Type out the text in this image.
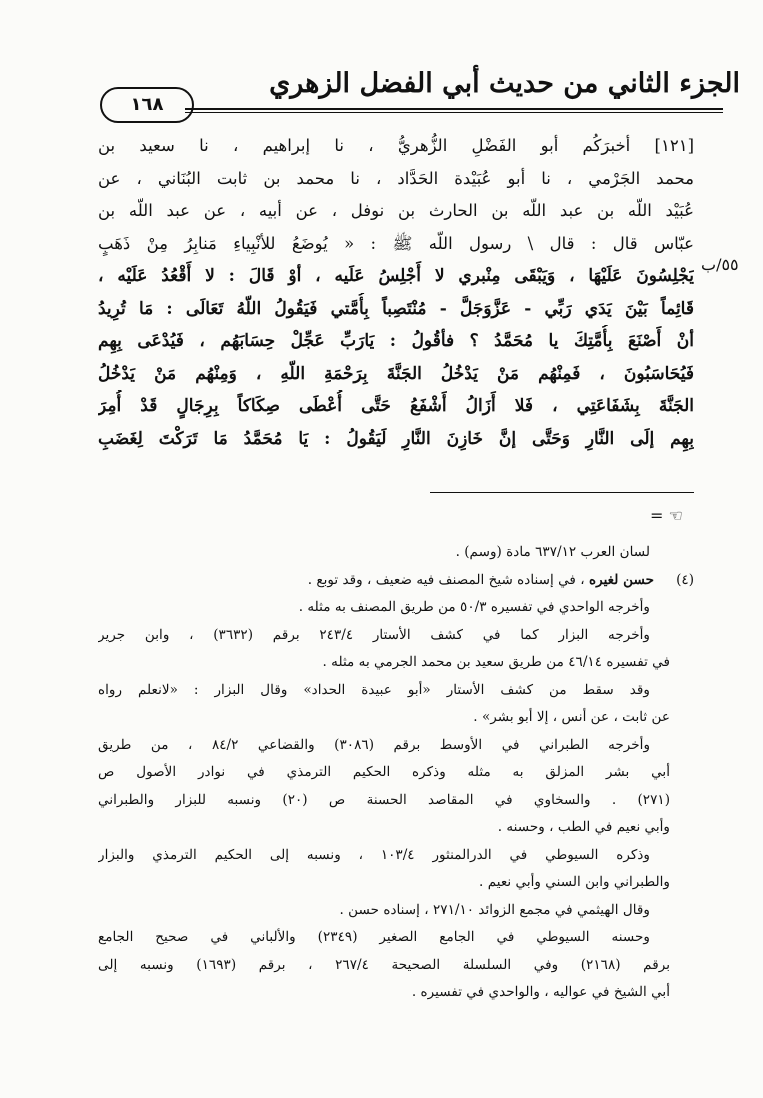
الجزء الثاني من حديث أبي الفضل الزهري
١٦٨
[١٢١] أخبرَكُم أبو الفَضْلِ الزُّهريُّ ، نا إبراهيم ، نا سعيد بن
محمد الجَرْمي ، نا أبو عُبَيْدة الحَدَّاد ، نا محمد بن ثابت البُنَاني ، عن
عُبَيْد اللّه بن عبد اللّه بن الحارث بن نوفل ، عن أبيه ، عن عبد اللّه بن
عبّاس قال : قال \ رسول اللّه ﷺ : « يُوضَعُ للأنْبِياءِ مَنابِرُ مِنْ ذَهَبٍ
يَجْلِسُونَ عَلَيْهَا ، وَيَبْقَى مِنْبري لا أَجْلِسُ عَلَيه ، أوْ قَالَ : لا أَقْعُدُ عَلَيْه ،
قَائِماً بَيْنَ يَدَي رَبِّي - عَزَّوَجَلَّ - مُنْتَصِباً بِأُمَّتي فَيَقُولُ اللّهُ تَعَالَى : مَا تُرِيدُ
أنْ أَصْنَعَ بِأُمَّتِكَ يا مُحَمَّدُ ؟ فأقُولُ : يَارَبِّ عَجِّلْ حِسَابَهُم ، فَيُدْعَى بِهِم
فَيُحَاسَبُونَ ، فَمِنْهُم مَنْ يَدْخُلُ الجَنَّةَ بِرَحْمَةِ اللّهِ ، وَمِنْهُم مَنْ يَدْخُلُ
الجَنَّةَ بِشَفَاعَتِي ، فَلا أَزَالُ أَشْفَعُ حَتَّى أُعْطَى صِكَاكاً بِرِجَالٍ قَدْ أُمِرَ
بِهِم إلَى النَّارِ وَحَتَّى إنَّ خَازِنَ النَّارِ لَيَقُولُ : يَا مُحَمَّدُ مَا تَرَكْتَ لِغَضَبِ
٥٥/ب
= ☜
لسان العرب ٦٣٧/١٢ مادة (وسم) .
(٤)حسن لغيره ، في إسناده شيخ المصنف فيه ضعيف ، وقد توبع .
وأخرجه الواحدي في تفسيره ٥٠/٣ من طريق المصنف به مثله .
وأخرجه البزار كما في كشف الأستار ٢٤٣/٤ برقم (٣٦٣٢) ، وابن جرير
في تفسيره ٤٦/١٤ من طريق سعيد بن محمد الجرمي به مثله .
وقد سقط من كشف الأستار «أبو عبيدة الحداد» وقال البزار : «لانعلم رواه
عن ثابت ، عن أنس ، إلا أبو بشر» .
وأخرجه الطبراني في الأوسط برقم (٣٠٨٦) والقضاعي ٨٤/٢ ، من طريق
أبي بشر المزلق به مثله وذكره الحكيم الترمذي في نوادر الأصول ص
(٢٧١) . والسخاوي في المقاصد الحسنة ص (٢٠) ونسبه للبزار والطبراني
وأبي نعيم في الطب ، وحسنه .
وذكره السيوطي في الدرالمنثور ١٠٣/٤ ، ونسبه إلى الحكيم الترمذي والبزار
والطبراني وابن السني وأبي نعيم .
وقال الهيثمي في مجمع الزوائد ٢٧١/١٠ ، إسناده حسن .
وحسنه السيوطي في الجامع الصغير (٢٣٤٩) والألباني في صحيح الجامع
برقم (٢١٦٨) وفي السلسلة الصحيحة ٢٦٧/٤ ، برقم (١٦٩٣) ونسبه إلى
أبي الشيخ في عواليه ، والواحدي في تفسيره .
